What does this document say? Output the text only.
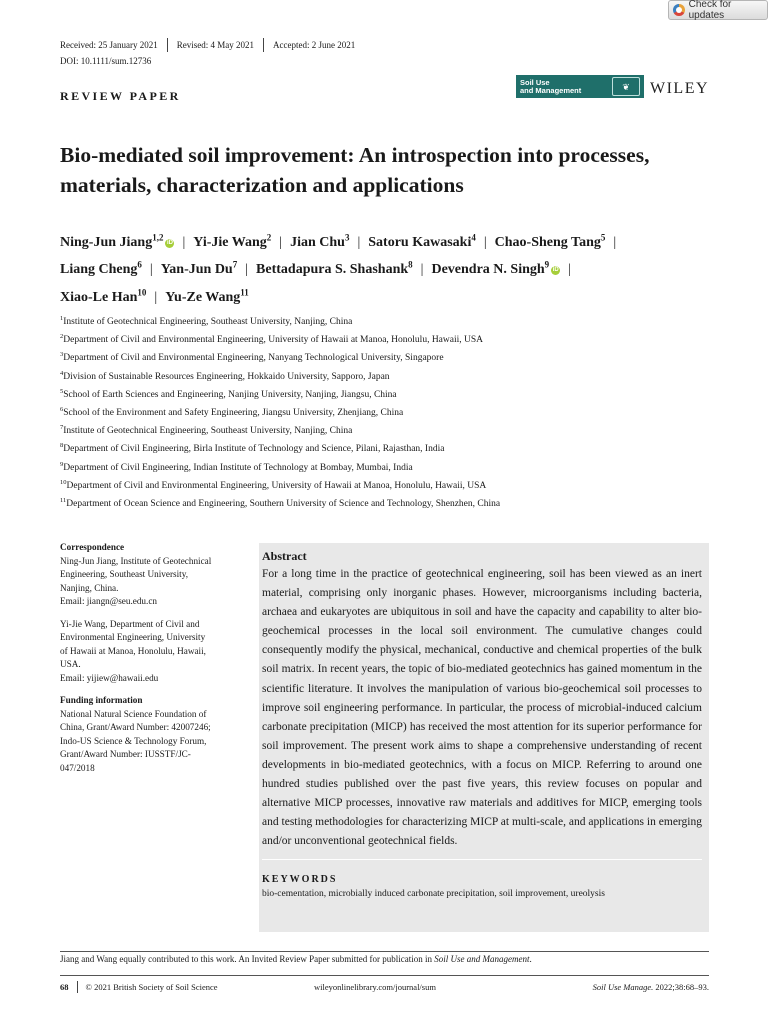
Check for updates
Received: 25 January 2021 Revised: 4 May 2021 Accepted: 2 June 2021
DOI: 10.1111/sum.12736
REVIEW PAPER
Soil Use
and Management	❦	WILEY
Bio-mediated soil improvement: An introspection into processes, materials, characterization and applications
Ning-Jun Jiang$^{1,2}$iD | Yi-Jie Wang$^2$ | Jian Chu$^3$ | Satoru Kawasaki$^4$ | Chao-Sheng Tang$^5$ |
Liang Cheng$^6$ | Yan-Jun Du$^7$ | Bettadapura S. Shashank$^8$ | Devendra N. Singh$^9$iD |
Xiao-Le Han$^{10}$ | Yu-Ze Wang$^{11}$
$^1$Institute of Geotechnical Engineering, Southeast University, Nanjing, China
$^2$Department of Civil and Environmental Engineering, University of Hawaii at Manoa, Honolulu, Hawaii, USA
$^3$Department of Civil and Environmental Engineering, Nanyang Technological University, Singapore
$^4$Division of Sustainable Resources Engineering, Hokkaido University, Sapporo, Japan
$^5$School of Earth Sciences and Engineering, Nanjing University, Nanjing, Jiangsu, China
$^6$School of the Environment and Safety Engineering, Jiangsu University, Zhenjiang, China
$^7$Institute of Geotechnical Engineering, Southeast University, Nanjing, China
$^8$Department of Civil Engineering, Birla Institute of Technology and Science, Pilani, Rajasthan, India
$^9$Department of Civil Engineering, Indian Institute of Technology at Bombay, Mumbai, India
$^{10}$Department of Civil and Environmental Engineering, University of Hawaii at Manoa, Honolulu, Hawaii, USA
$^{11}$Department of Ocean Science and Engineering, Southern University of Science and Technology, Shenzhen, China
Correspondence

Ning-Jun Jiang, Institute of Geotechnical
Engineering, Southeast University,
Nanjing, China.
Email: jiangn@seu.edu.cn

Yi-Jie Wang, Department of Civil and
Environmental Engineering, University
of Hawaii at Manoa, Honolulu, Hawaii,
USA.
Email: yijiew@hawaii.edu

Funding information

National Natural Science Foundation of
China, Grant/Award Number: 42007246;
Indo-US Science & Technology Forum,
Grant/Award Number: IUSSTF/JC-
047/2018

Abstract
For a long time in the practice of geotechnical engineering, soil has been viewed as an inert material, comprising only inorganic phases. However, microorganisms including bacteria, archaea and eukaryotes are ubiquitous in soil and have the capacity and capability to alter bio-geochemical processes in the local soil environment. The cumulative changes could consequently modify the physical, mechanical, conductive and chemical properties of the bulk soil matrix. In recent years, the topic of bio-mediated geotechnics has gained momentum in the scientific literature. It involves the manipulation of various bio-geochemical soil processes to improve soil engineering performance. In particular, the process of microbial-induced calcium carbonate precipitation (MICP) has received the most attention for its superior performance for soil improvement. The present work aims to shape a comprehensive understanding of recent developments in bio-mediated geotechnics, with a focus on MICP. Referring to around one hundred studies published over the past five years, this review focuses on popular and alternative MICP processes, innovative raw materials and additives for MICP, emerging tools and testing methodologies for characterizing MICP at multi-scale, and applications in emerging and/or unconventional geotechnical fields.
KEYWORDS
bio-cementation, microbially induced carbonate precipitation, soil improvement, ureolysis
Jiang and Wang equally contributed to this work. An Invited Review Paper submitted for publication in Soil Use and Management.
68 © 2021 British Society of Soil Science	wileyonlinelibrary.com/journal/sum	Soil Use Manage. 2022;38:68–93.
